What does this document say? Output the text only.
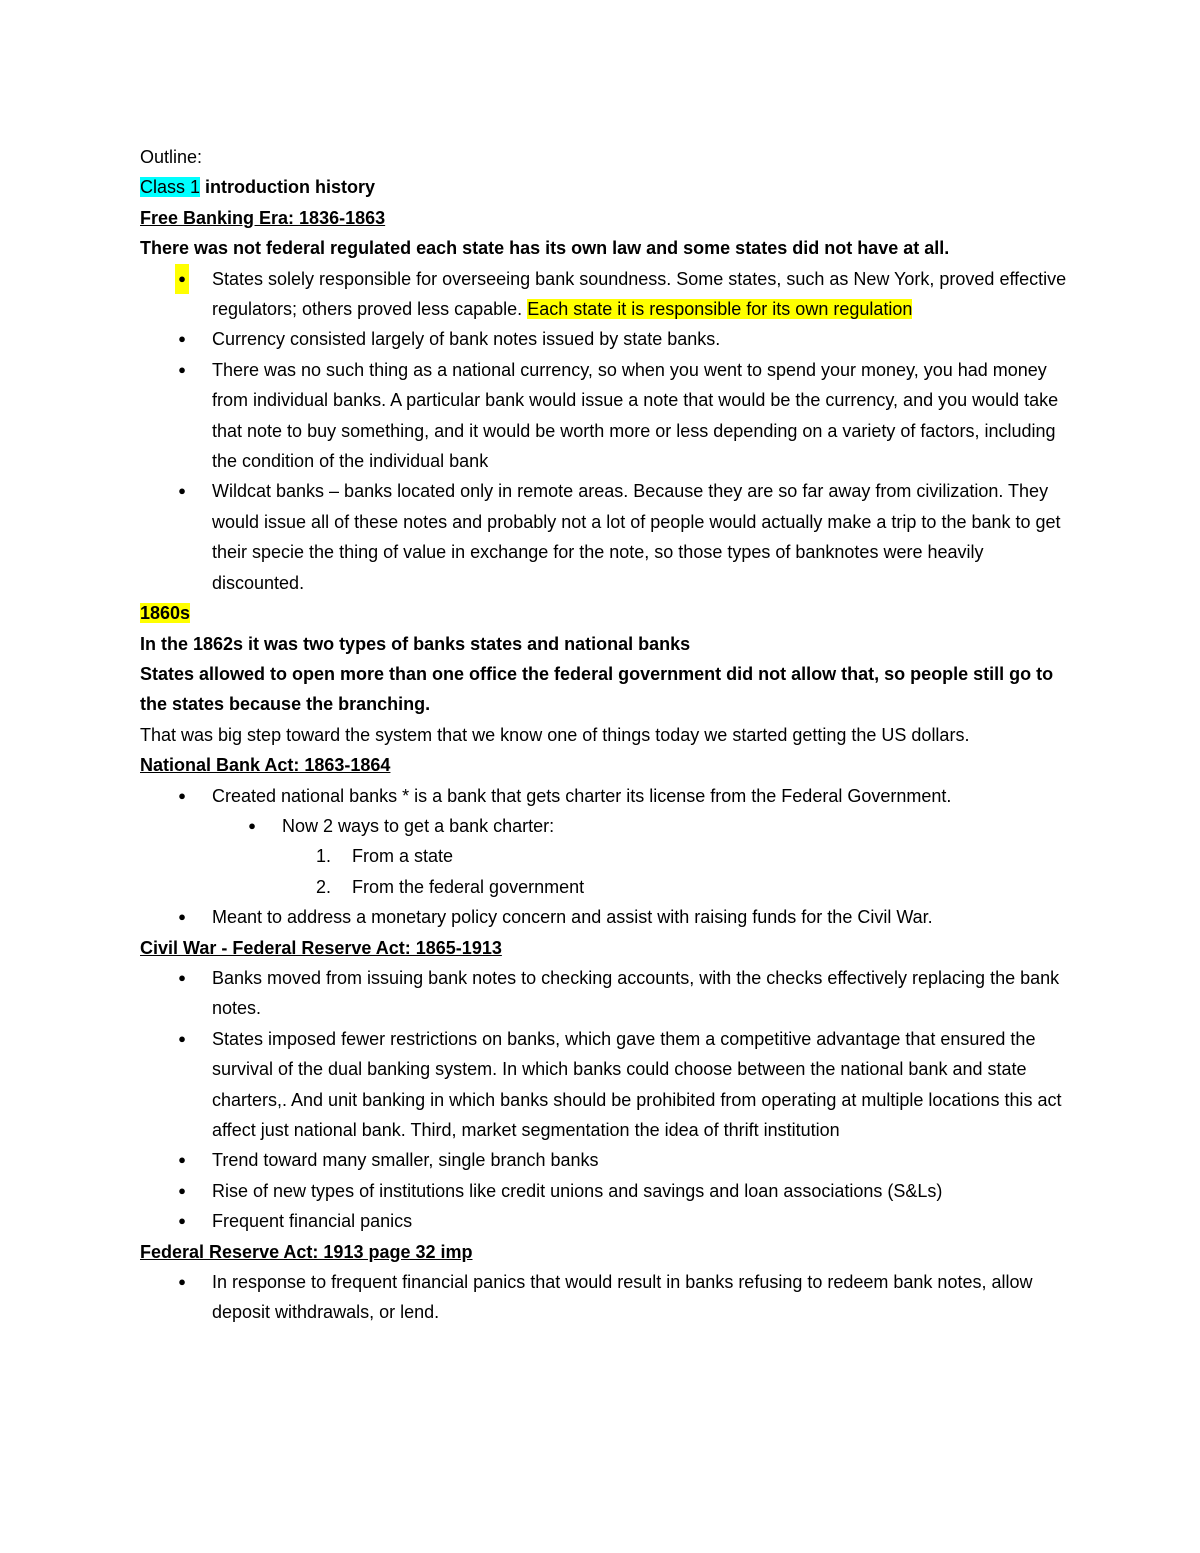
Outline:

Class 1 introduction history

Free Banking Era: 1836-1863

There was not federal regulated each state has its own law and some states did not have at all.

● States solely responsible for overseeing bank soundness. Some states, such as New York, proved effective regulators; others proved less capable. Each state it is responsible for its own regulation
● Currency consisted largely of bank notes issued by state banks.
● There was no such thing as a national currency, so when you went to spend your money, you had money from individual banks. A particular bank would issue a note that would be the currency, and you would take that note to buy something, and it would be worth more or less depending on a variety of factors, including the condition of the individual bank
● Wildcat banks – banks located only in remote areas. Because they are so far away from civilization. They would issue all of these notes and probably not a lot of people would actually make a trip to the bank to get their specie the thing of value in exchange for the note, so those types of banknotes were heavily discounted.

1860s

In the 1862s it was two types of banks states and national banks

States allowed to open more than one office the federal government did not allow that, so people still go to the states because the branching.

That was big step toward the system that we know one of things today we started getting the US dollars.

National Bank Act: 1863-1864

● Created national banks * is a bank that gets charter its license from the Federal Government.
● Now 2 ways to get a bank charter:
1. From a state
2. From the federal government
● Meant to address a monetary policy concern and assist with raising funds for the Civil War.

Civil War - Federal Reserve Act: 1865-1913

● Banks moved from issuing bank notes to checking accounts, with the checks effectively replacing the bank notes.
● States imposed fewer restrictions on banks, which gave them a competitive advantage that ensured the survival of the dual banking system. In which banks could choose between the national bank and state charters,. And unit banking in which banks should be prohibited from operating at multiple locations this act affect just national bank. Third, market segmentation the idea of thrift institution
● Trend toward many smaller, single branch banks
● Rise of new types of institutions like credit unions and savings and loan associations (S&Ls)
● Frequent financial panics

Federal Reserve Act: 1913 page 32 imp

● In response to frequent financial panics that would result in banks refusing to redeem bank notes, allow deposit withdrawals, or lend.
